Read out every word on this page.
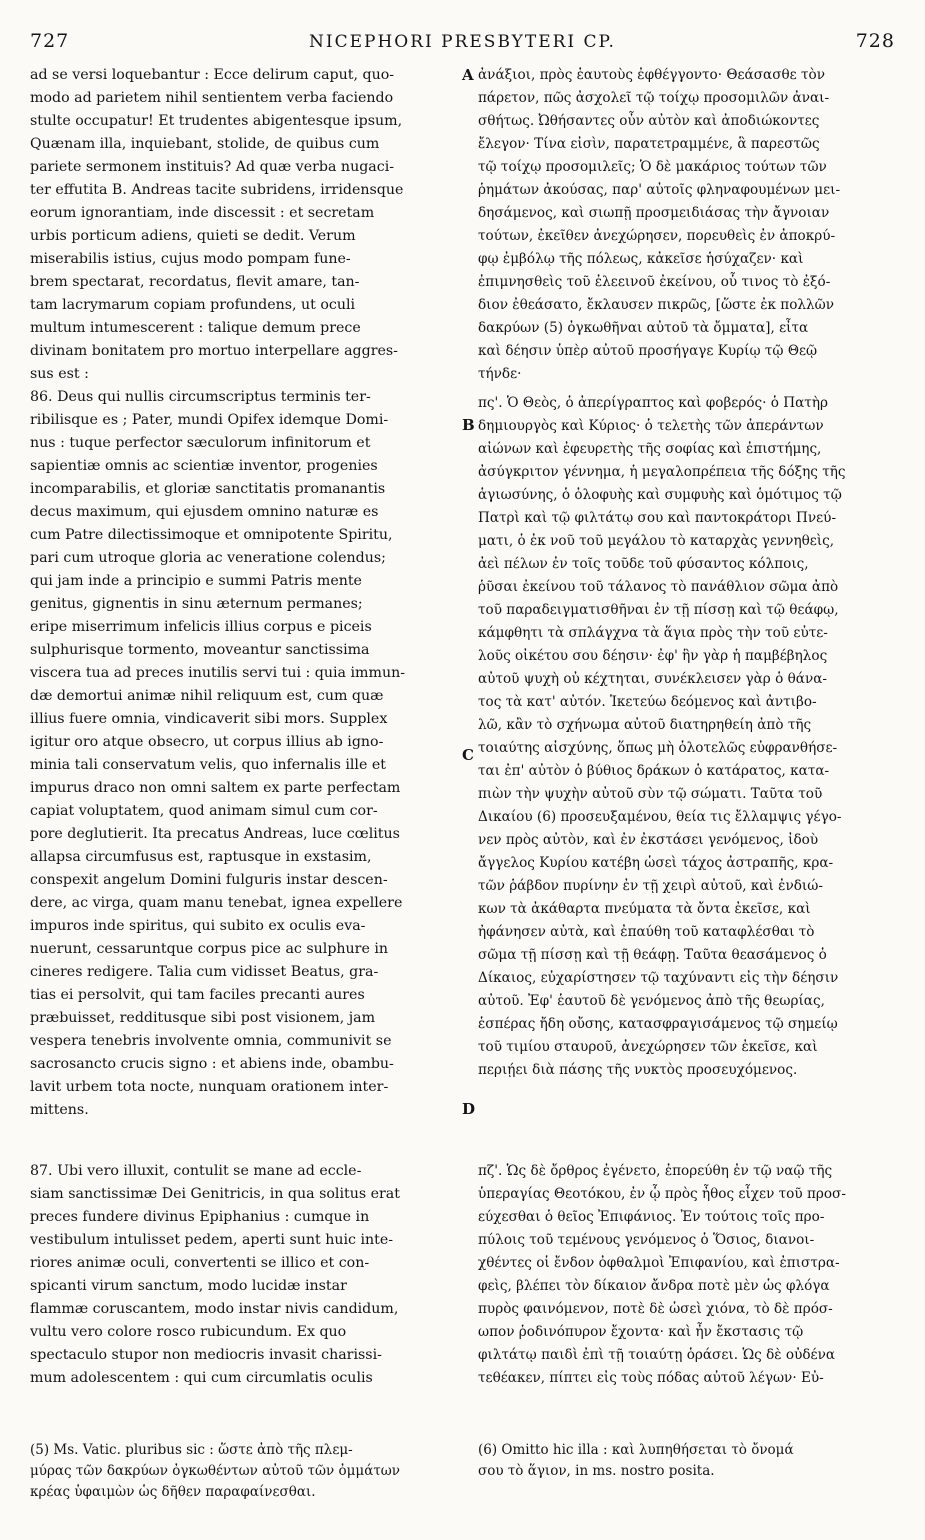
727	NICEPHORI PRESBYTERI CP.	728
A
B
C
D
ad se versi loquebantur : Ecce delirum caput, quo-
modo ad parietem nihil sentientem verba faciendo
stulte occupatur! Et trudentes abigentesque ipsum,
Quænam illa, inquiebant, stolide, de quibus cum
pariete sermonem instituis? Ad quæ verba nugaci-
ter effutita B. Andreas tacite subridens, irridensque
eorum ignorantiam, inde discessit : et secretam
urbis porticum adiens, quieti se dedit. Verum
miserabilis istius, cujus modo pompam fune-
brem spectarat, recordatus, flevit amare, tan-
tam lacrymarum copiam profundens, ut oculi
multum intumescerent : talique demum prece
divinam bonitatem pro mortuo interpellare aggres-
sus est :
86. Deus qui nullis circumscriptus terminis ter-
ribilisque es ; Pater, mundi Opifex idemque Domi-
nus : tuque perfector sæculorum infinitorum et
sapientiæ omnis ac scientiæ inventor, progenies
incomparabilis, et gloriæ sanctitatis promanantis
decus maximum, qui ejusdem omnino naturæ es
cum Patre dilectissimoque et omnipotente Spiritu,
pari cum utroque gloria ac veneratione colendus;
qui jam inde a principio e summi Patris mente
genitus, gignentis in sinu æternum permanes;
eripe miserrimum infelicis illius corpus e piceis
sulphurisque tormento, moveantur sanctissima
viscera tua ad preces inutilis servi tui : quia immun-
dæ demortui animæ nihil reliquum est, cum quæ
illius fuere omnia, vindicaverit sibi mors. Supplex
igitur oro atque obsecro, ut corpus illius ab igno-
minia tali conservatum velis, quo infernalis ille et
impurus draco non omni saltem ex parte perfectam
capiat voluptatem, quod animam simul cum cor-
pore deglutierit. Ita precatus Andreas, luce cœlitus
allapsa circumfusus est, raptusque in exstasim,
conspexit angelum Domini fulguris instar descen-
dere, ac virga, quam manu tenebat, ignea expellere
impuros inde spiritus, qui subito ex oculis eva-
nuerunt, cessaruntque corpus pice ac sulphure in
cineres redigere. Talia cum vidisset Beatus, gra-
tias ei persolvit, qui tam faciles precanti aures
præbuisset, redditusque sibi post visionem, jam
vespera tenebris involvente omnia, communivit se
sacrosancto crucis signo : et abiens inde, obambu-
lavit urbem tota nocte, nunquam orationem inter-
mittens.
ἀνάξιοι, πρὸς ἑαυτοὺς ἐφθέγγοντο· Θεάσασθε τὸν
πάρετον, πῶς ἀσχολεῖ τῷ τοίχῳ προσομιλῶν ἀναι-
σθήτως. Ὠθήσαντες οὖν αὐτὸν καὶ ἀποδιώκοντες
ἔλεγον· Τίνα εἰσὶν, παρατετραμμένε, ἃ παρεστῶς
τῷ τοίχῳ προσομιλεῖς; Ὁ δὲ μακάριος τούτων τῶν
ῥημάτων ἀκούσας, παρ' αὐτοῖς φληναφουμένων μει-
δησάμενος, καὶ σιωπῇ προσμειδιάσας τὴν ἄγνοιαν
τούτων, ἐκεῖθεν ἀνεχώρησεν, πορευθεὶς ἐν ἀποκρύ-
φῳ ἐμβόλῳ τῆς πόλεως, κἀκεῖσε ἡσύχαζεν· καὶ
ἐπιμνησθεὶς τοῦ ἐλεεινοῦ ἐκείνου, οὗ τινος τὸ ἐξό-
διον ἐθεάσατο, ἔκλαυσεν πικρῶς, [ὥστε ἐκ πολλῶν
δακρύων (5) ὀγκωθῆναι αὐτοῦ τὰ ὄμματα], εἶτα
καὶ δέησιν ὑπὲρ αὐτοῦ προσήγαγε Κυρίῳ τῷ Θεῷ
τήνδε·
πς'. Ὁ Θεὸς, ὁ ἀπερίγραπτος καὶ φοβερός· ὁ Πατὴρ
δημιουργὸς καὶ Κύριος· ὁ τελετὴς τῶν ἀπεράντων
αἰώνων καὶ ἐφευρετὴς τῆς σοφίας καὶ ἐπιστήμης,
ἀσύγκριτον γέννημα, ἡ μεγαλοπρέπεια τῆς δόξης τῆς
ἁγιωσύνης, ὁ ὁλοφυὴς καὶ συμφυὴς καὶ ὁμότιμος τῷ
Πατρὶ καὶ τῷ φιλτάτῳ σου καὶ παντοκράτορι Πνεύ-
ματι, ὁ ἐκ νοῦ τοῦ μεγάλου τὸ καταρχὰς γεννηθεὶς,
ἀεὶ πέλων ἐν τοῖς τοῦδε τοῦ φύσαντος κόλποις,
ῥῦσαι ἐκείνου τοῦ τάλανος τὸ πανάθλιον σῶμα ἀπὸ
τοῦ παραδειγματισθῆναι ἐν τῇ πίσσῃ καὶ τῷ θεάφῳ,
κάμφθητι τὰ σπλάγχνα τὰ ἅγια πρὸς τὴν τοῦ εὐτε-
λοῦς οἰκέτου σου δέησιν· ἐφ' ἣν γὰρ ἡ παμβέβηλος
αὐτοῦ ψυχὴ οὐ κέχτηται, συνέκλεισεν γὰρ ὁ θάνα-
τος τὰ κατ' αὐτόν. Ἱκετεύω δεόμενος καὶ ἀντιβο-
λῶ, κἂν τὸ σχήνωμα αὐτοῦ διατηρηθείη ἀπὸ τῆς
τοιαύτης αἰσχύνης, ὅπως μὴ ὁλοτελῶς εὐφρανθήσε-
ται ἐπ' αὐτὸν ὁ βύθιος δράκων ὁ κατάρατος, κατα-
πιὼν τὴν ψυχὴν αὐτοῦ σὺν τῷ σώματι. Ταῦτα τοῦ
Δικαίου (6) προσευξαμένου, θεία τις ἔλλαμψις γέγο-
νεν πρὸς αὐτὸν, καὶ ἐν ἐκστάσει γενόμενος, ἰδοὺ
ἄγγελος Κυρίου κατέβη ὡσεὶ τάχος ἀστραπῆς, κρα-
τῶν ῥάβδον πυρίνην ἐν τῇ χειρὶ αὐτοῦ, καὶ ἐνδιώ-
κων τὰ ἀκάθαρτα πνεύματα τὰ ὄντα ἐκεῖσε, καὶ
ἠφάνησεν αὐτὰ, καὶ ἐπαύθη τοῦ καταφλέσθαι τὸ
σῶμα τῇ πίσσῃ καὶ τῇ θεάφῃ. Ταῦτα θεασάμενος ὁ
Δίκαιος, εὐχαρίστησεν τῷ ταχύναντι εἰς τὴν δέησιν
αὐτοῦ. Ἐφ' ἑαυτοῦ δὲ γενόμενος ἀπὸ τῆς θεωρίας,
ἑσπέρας ἤδη οὔσης, κατασφραγισάμενος τῷ σημείῳ
τοῦ τιμίου σταυροῦ, ἀνεχώρησεν τῶν ἐκεῖσε, καὶ
περιῄει διὰ πάσης τῆς νυκτὸς προσευχόμενος.
87. Ubi vero illuxit, contulit se mane ad eccle-
siam sanctissimæ Dei Genitricis, in qua solitus erat
preces fundere divinus Epiphanius : cumque in
vestibulum intulisset pedem, aperti sunt huic inte-
riores animæ oculi, convertenti se illico et con-
spicanti virum sanctum, modo lucidæ instar
flammæ coruscantem, modo instar nivis candidum,
vultu vero colore rosco rubicundum. Ex quo
spectaculo stupor non mediocris invasit charissi-
mum adolescentem : qui cum circumlatis oculis
πζ'. Ὡς δὲ ὄρθρος ἐγένετο, ἐπορεύθη ἐν τῷ ναῷ τῆς
ὑπεραγίας Θεοτόκου, ἐν ᾧ πρὸς ἦθος εἶχεν τοῦ προσ-
εύχεσθαι ὁ θεῖος Ἐπιφάνιος. Ἐν τούτοις τοῖς προ-
πύλοις τοῦ τεμένους γενόμενος ὁ Ὅσιος, διανοι-
χθέντες οἱ ἔνδον ὀφθαλμοὶ Ἐπιφανίου, καὶ ἐπιστρα-
φεὶς, βλέπει τὸν δίκαιον ἄνδρα ποτὲ μὲν ὡς φλόγα
πυρὸς φαινόμενον, ποτὲ δὲ ὡσεὶ χιόνα, τὸ δὲ πρόσ-
ωπον ῥοδινόπυρον ἔχοντα· καὶ ἦν ἔκστασις τῷ
φιλτάτῳ παιδὶ ἐπὶ τῇ τοιαύτῃ ὁράσει. Ὡς δὲ οὐδένα
τεθέακεν, πίπτει εἰς τοὺς πόδας αὐτοῦ λέγων· Εὐ-
(5) Ms. Vatic. pluribus sic : ὥστε ἀπὸ τῆς πλεμ-
μύρας τῶν δακρύων ὀγκωθέντων αὐτοῦ τῶν ὀμμάτων
κρέας ὑφαιμὼν ὡς δῆθεν παραφαίνεσθαι.
(6) Omitto hic illa : καὶ λυπηθήσεται τὸ ὄνομά
σου τὸ ἅγιον, in ms. nostro posita.
